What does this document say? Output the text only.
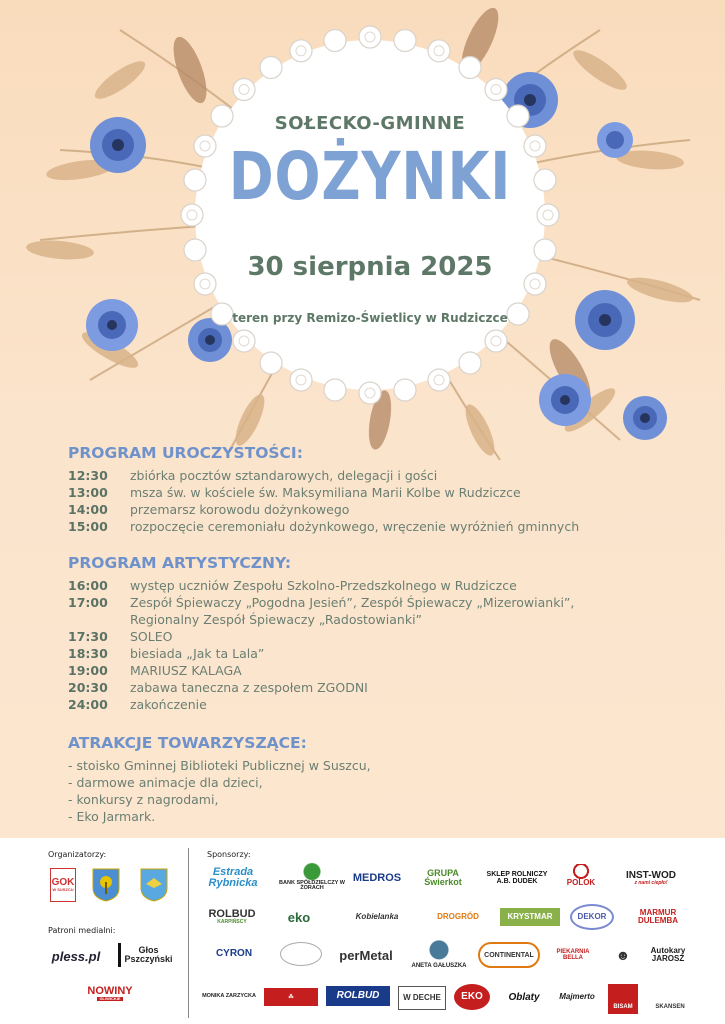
SOŁECKO-GMINNE
DOŻYNKI
30 sierpnia 2025
teren przy Remizo-Świetlicy w Rudziczce
PROGRAM UROCZYSTOŚCI:
12:30	zbiórka pocztów sztandarowych, delegacji i gości
13:00	msza św. w kościele św. Maksymiliana Marii Kolbe w Rudziczce
14:00	przemarsz korowodu dożynkowego
15:00	rozpoczęcie ceremoniału dożynkowego, wręczenie wyróżnień gminnych
PROGRAM ARTYSTYCZNY:
16:00	występ uczniów Zespołu Szkolno-Przedszkolnego w Rudziczce
17:00	Zespół Śpiewaczy „Pogodna Jesień”, Zespół Śpiewaczy „Mizerowianki”,
Regionalny Zespół Śpiewaczy „Radostowianki”
17:30	SOLEO
18:30	biesiada „Jak ta Lala”
19:00	MARIUSZ KALAGA
20:30	zabawa taneczna z zespołem ZGODNI
24:00	zakończenie
ATRAKCJE TOWARZYSZĄCE:
- stoisko Gminnej Biblioteki Publicznej w Suszcu,
- darmowe animacje dla dzieci,
- konkursy z nagrodami,
- Eko Jarmark.
Organizatorzy:
Patroni medialni:
Sponsorzy:
GOK
W SUSZCU
pless.pl	Głos Pszczyński
NOWINY
GLIWICKIE
Estrada Rybnicka	BANK SPÓŁDZIELCZY W ŻORACH
MEDROS	GRUPA Świerkot
SKLEP ROLNICZY A.B. DUDEK	POLOK
INST-WOD
z nami ciepło!
ROLBUD
KARPIŃSCY	eko	Kobielanka	DROGRÓD	KRYSTMAR	DEKOR	MARMUR DULEMBA
CYRON	perMetal
ANETA GAŁUSZKA
CONTINENTAL	PIEKARNIA BELLA	☻	Autokary JAROSZ
MONIKA ZARZYCKA	⁂	ROLBUD	W DECHE	EKO	Oblaty	Majmerto
BISAM	SKANSEN
